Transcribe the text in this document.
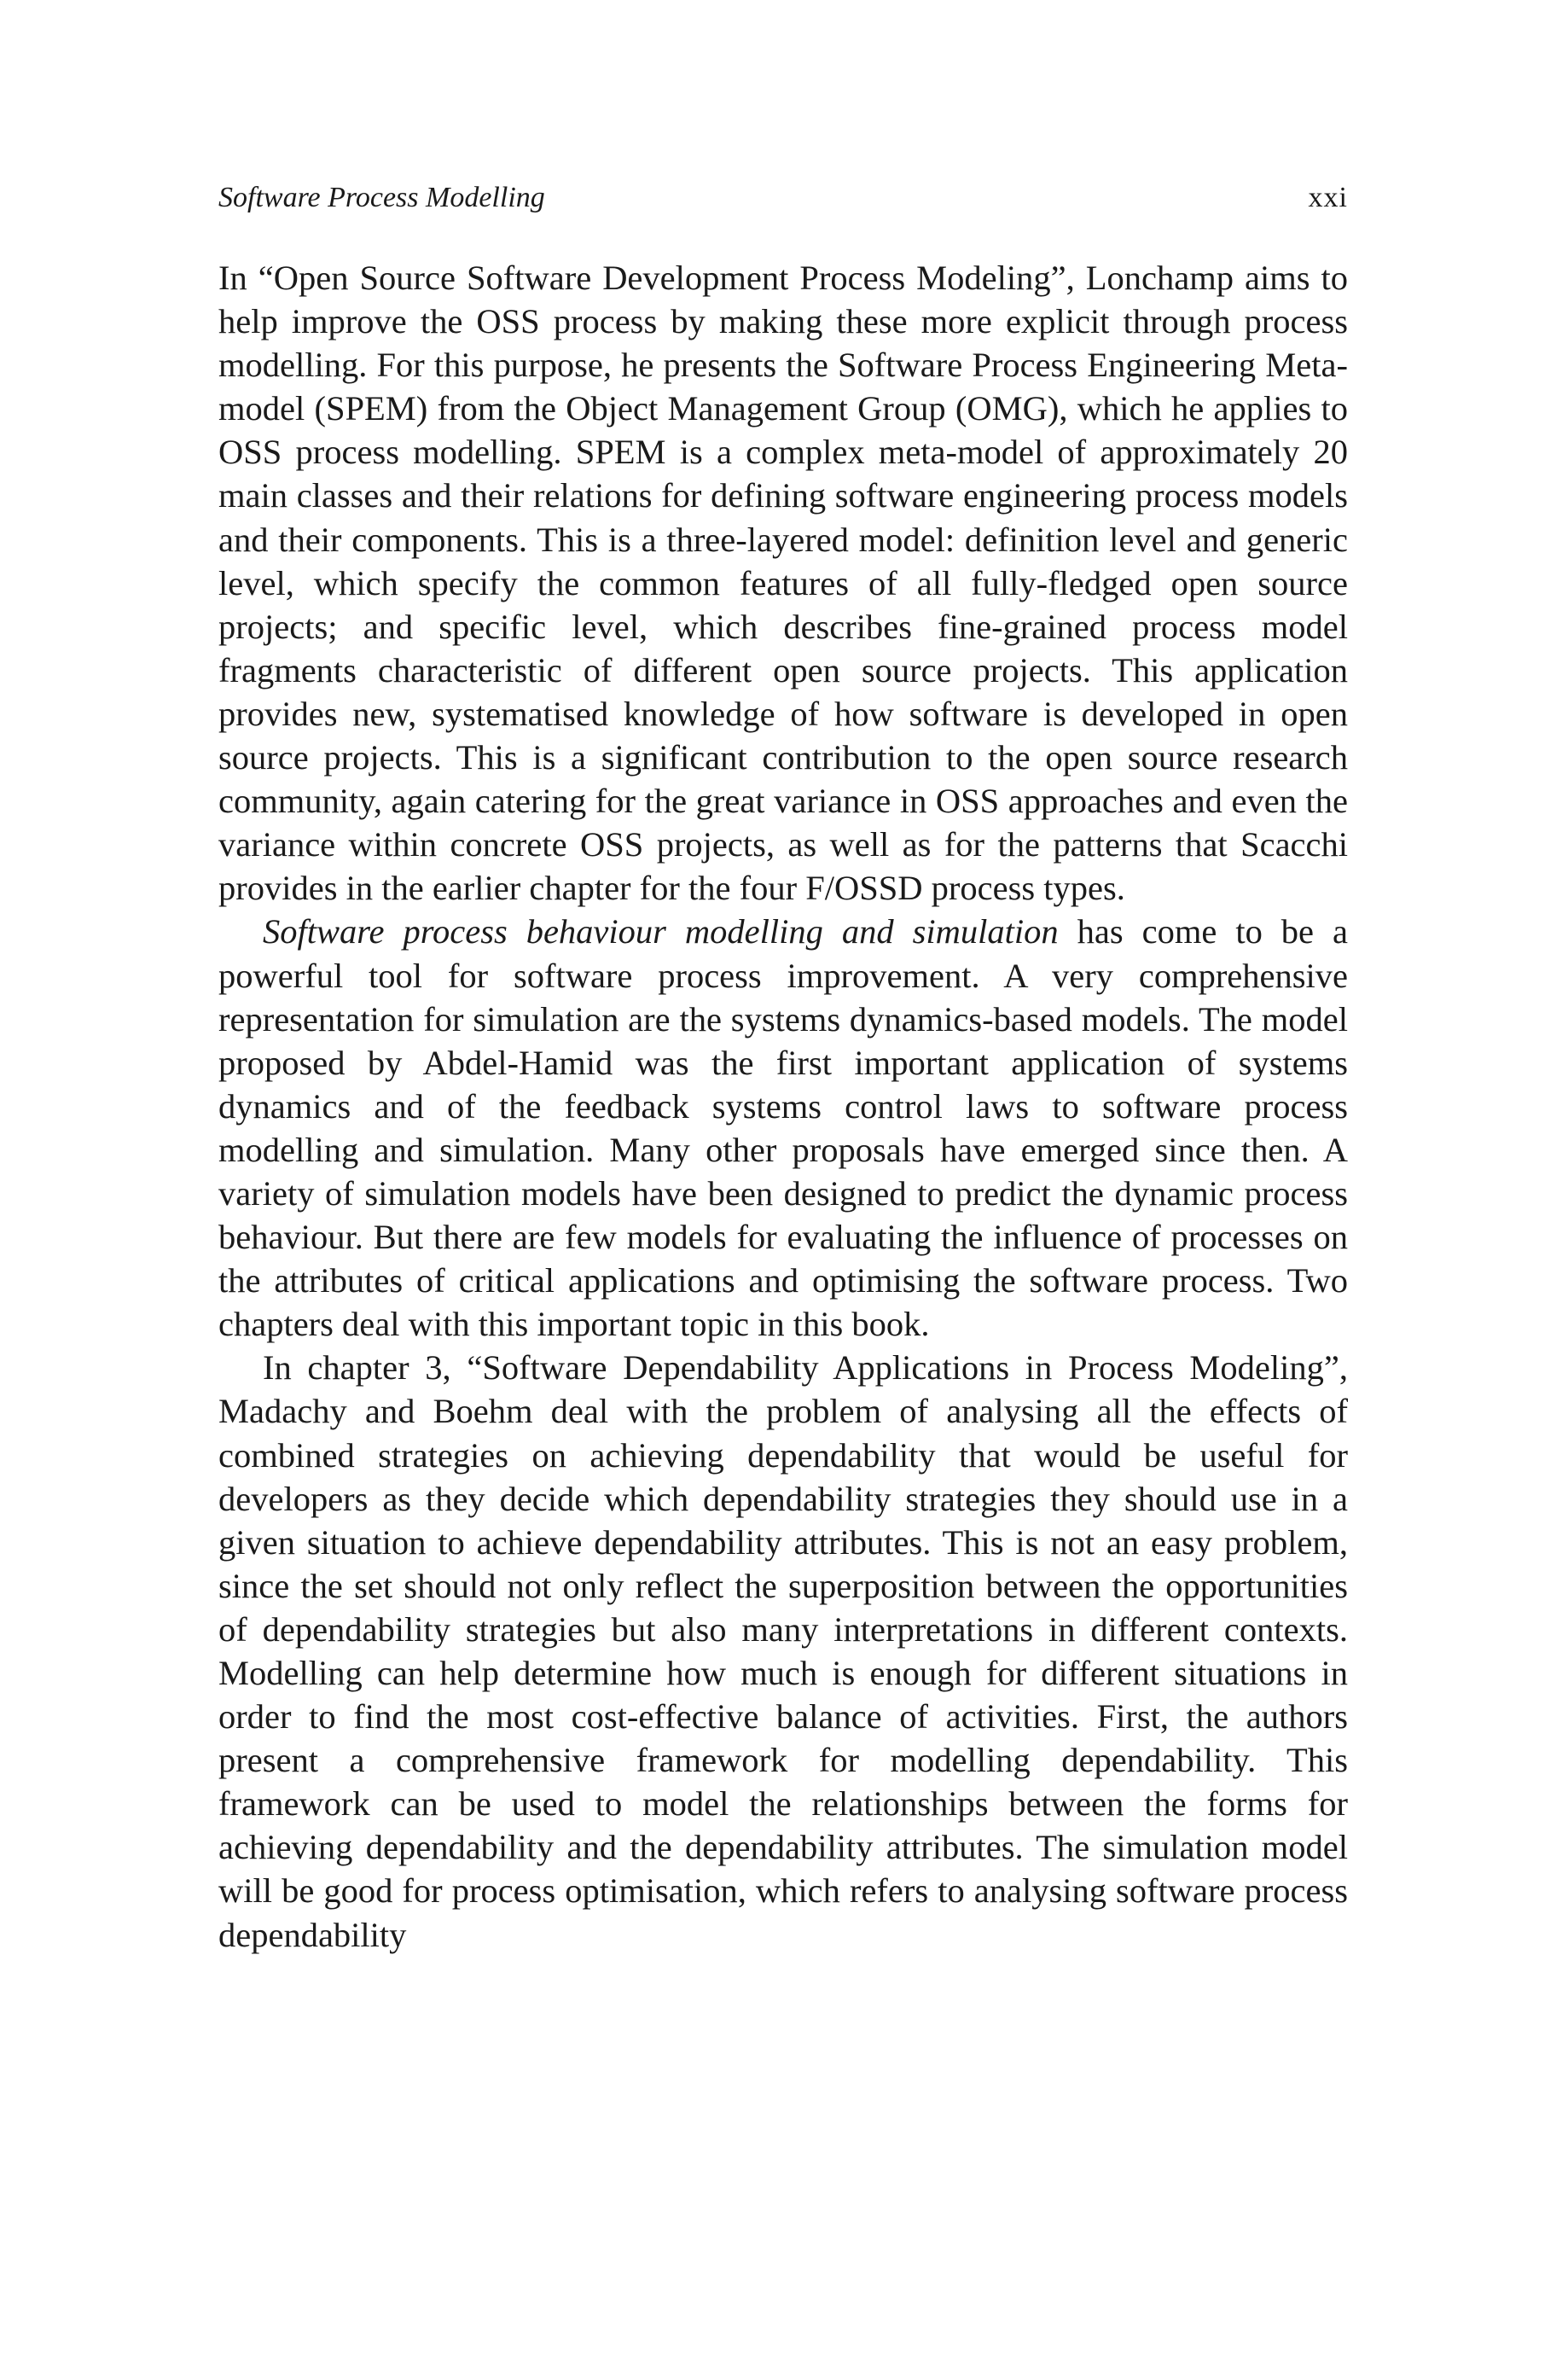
Software Process Modelling	xxi

In “Open Source Software Development Process Modeling”, Lonchamp aims to help improve the OSS process by making these more explicit through process modelling. For this purpose, he presents the Software Process Engineering Meta-model (SPEM) from the Object Management Group (OMG), which he applies to OSS process modelling. SPEM is a complex meta-model of approximately 20 main classes and their relations for defining software engineering process models and their components. This is a three-layered model: definition level and generic level, which specify the common features of all fully-fledged open source projects; and specific level, which describes fine-grained process model fragments characteristic of different open source projects. This application provides new, systematised knowledge of how software is developed in open source projects. This is a significant contribution to the open source research community, again catering for the great variance in OSS approaches and even the variance within concrete OSS projects, as well as for the patterns that Scacchi provides in the earlier chapter for the four F/OSSD process types.

Software process behaviour modelling and simulation has come to be a powerful tool for software process improvement. A very comprehensive representation for simulation are the systems dynamics-based models. The model proposed by Abdel-Hamid was the first important application of systems dynamics and of the feedback systems control laws to software process modelling and simulation. Many other proposals have emerged since then. A variety of simulation models have been designed to predict the dynamic process behaviour. But there are few models for evaluating the influence of processes on the attributes of critical applications and optimising the software process. Two chapters deal with this important topic in this book.

In chapter 3, “Software Dependability Applications in Process Modeling”, Madachy and Boehm deal with the problem of analysing all the effects of combined strategies on achieving dependability that would be useful for developers as they decide which dependability strategies they should use in a given situation to achieve dependability attributes. This is not an easy problem, since the set should not only reflect the superposition between the opportunities of dependability strategies but also many interpretations in different contexts. Modelling can help determine how much is enough for different situations in order to find the most cost-effective balance of activities. First, the authors present a comprehensive framework for modelling dependability. This framework can be used to model the relationships between the forms for achieving dependability and the dependability attributes. The simulation model will be good for process optimisation, which refers to analysing software process dependability
